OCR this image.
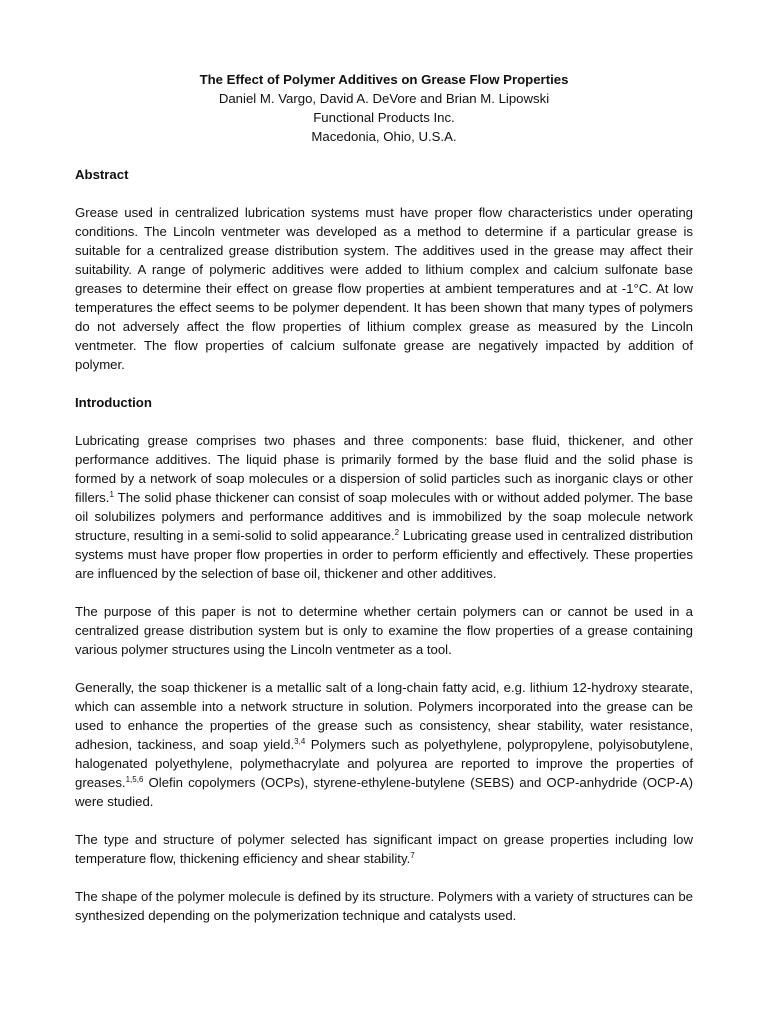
The Effect of Polymer Additives on Grease Flow Properties
Daniel M. Vargo, David A. DeVore and Brian M. Lipowski
Functional Products Inc.
Macedonia, Ohio, U.S.A.
Abstract

Grease used in centralized lubrication systems must have proper flow characteristics under operating conditions. The Lincoln ventmeter was developed as a method to determine if a particular grease is suitable for a centralized grease distribution system. The additives used in the grease may affect their suitability. A range of polymeric additives were added to lithium complex and calcium sulfonate base greases to determine their effect on grease flow properties at ambient temperatures and at -1°C. At low temperatures the effect seems to be polymer dependent. It has been shown that many types of polymers do not adversely affect the flow properties of lithium complex grease as measured by the Lincoln ventmeter. The flow properties of calcium sulfonate grease are negatively impacted by addition of polymer.

Introduction

Lubricating grease comprises two phases and three components: base fluid, thickener, and other performance additives. The liquid phase is primarily formed by the base fluid and the solid phase is formed by a network of soap molecules or a dispersion of solid particles such as inorganic clays or other fillers.$^1$ The solid phase thickener can consist of soap molecules with or without added polymer. The base oil solubilizes polymers and performance additives and is immobilized by the soap molecule network structure, resulting in a semi-solid to solid appearance.$^2$ Lubricating grease used in centralized distribution systems must have proper flow properties in order to perform efficiently and effectively. These properties are influenced by the selection of base oil, thickener and other additives.

The purpose of this paper is not to determine whether certain polymers can or cannot be used in a centralized grease distribution system but is only to examine the flow properties of a grease containing various polymer structures using the Lincoln ventmeter as a tool.

Generally, the soap thickener is a metallic salt of a long-chain fatty acid, e.g. lithium 12-hydroxy stearate, which can assemble into a network structure in solution. Polymers incorporated into the grease can be used to enhance the properties of the grease such as consistency, shear stability, water resistance, adhesion, tackiness, and soap yield.$^{3,4}$ Polymers such as polyethylene, polypropylene, polyisobutylene, halogenated polyethylene, polymethacrylate and polyurea are reported to improve the properties of greases.$^{1,5,6}$ Olefin copolymers (OCPs), styrene-ethylene-butylene (SEBS) and OCP-anhydride (OCP-A) were studied.

The type and structure of polymer selected has significant impact on grease properties including low temperature flow, thickening efficiency and shear stability.$^7$

The shape of the polymer molecule is defined by its structure. Polymers with a variety of structures can be synthesized depending on the polymerization technique and catalysts used.
